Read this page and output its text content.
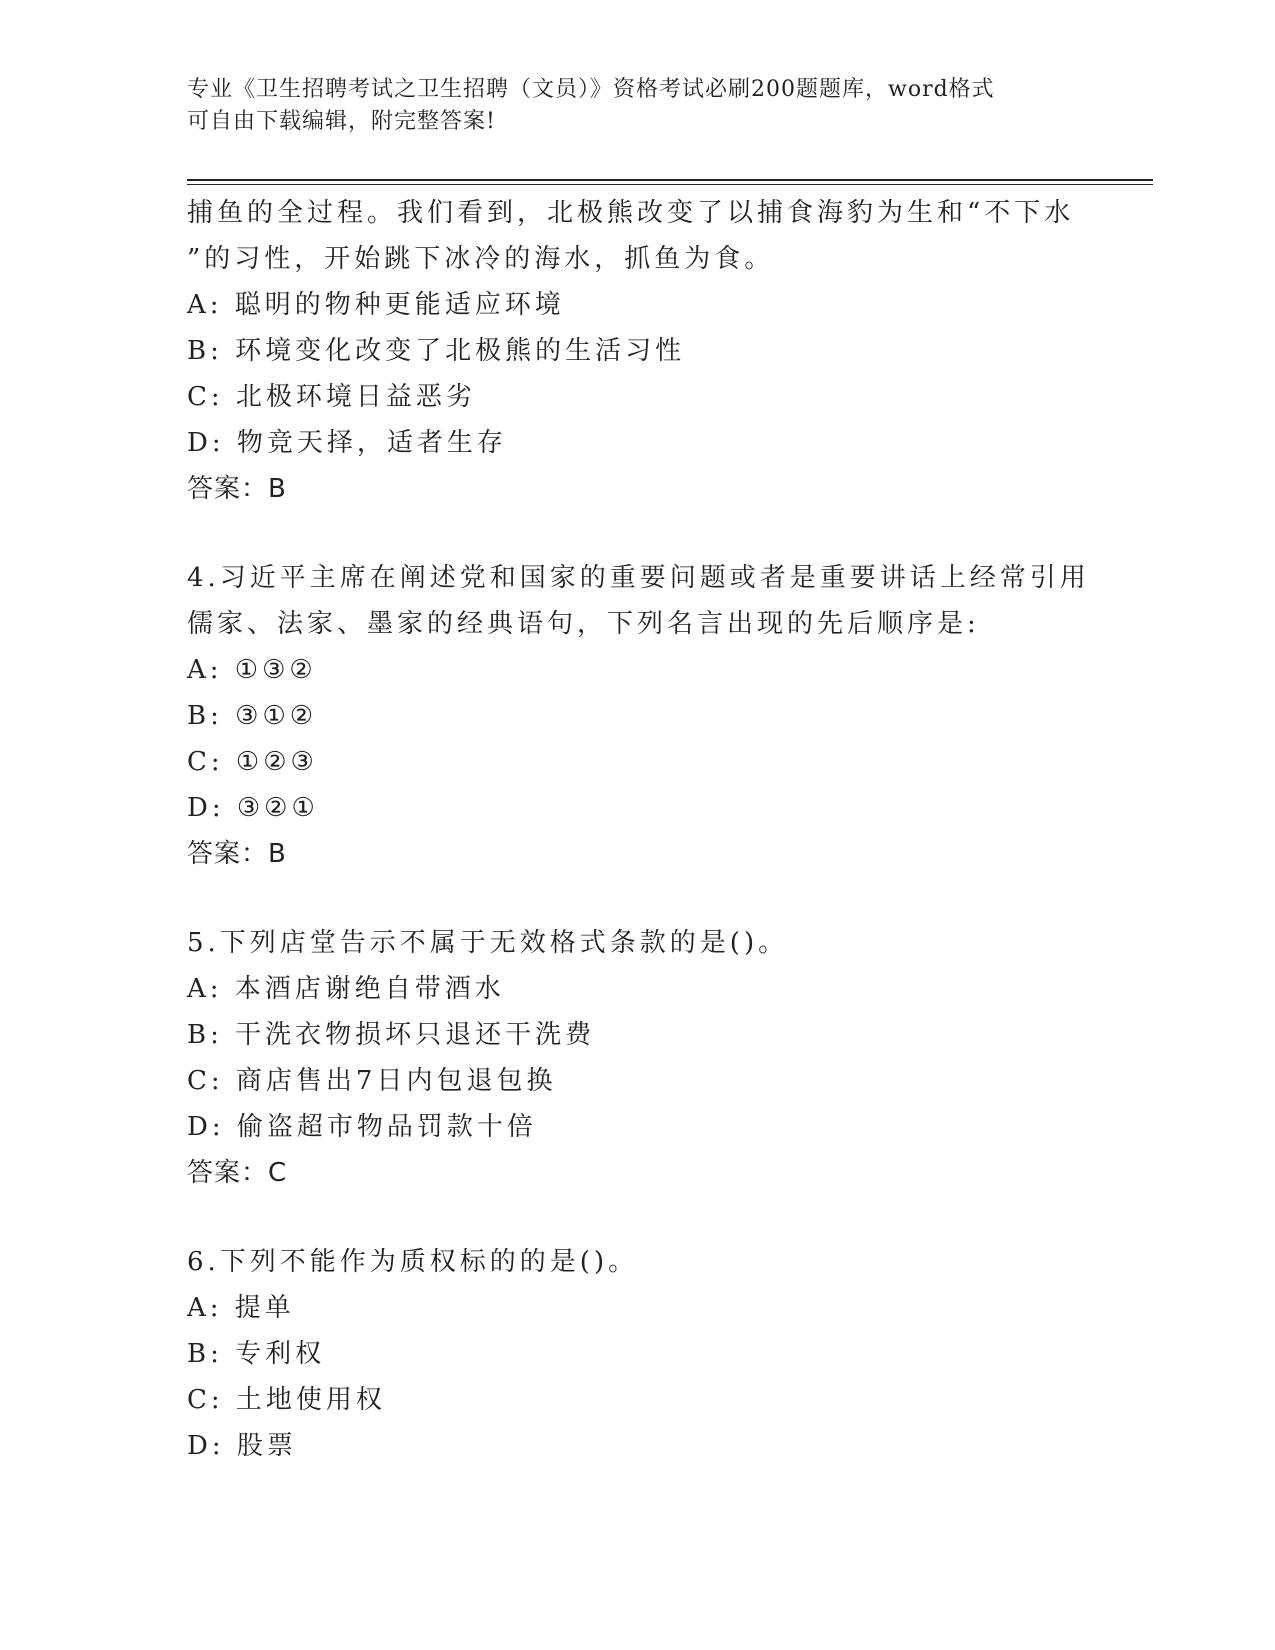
专业《卫生招聘考试之卫生招聘（文员）》资格考试必刷200题题库，word格式
可自由下载编辑，附完整答案!
捕鱼的全过程。我们看到，北极熊改变了以捕食海豹为生和“不下水
”的习性，开始跳下冰冷的海水，抓鱼为食。
A: 聪明的物种更能适应环境
B: 环境变化改变了北极熊的生活习性
C: 北极环境日益恶劣
D: 物竞天择，适者生存
答案：B
4.习近平主席在阐述党和国家的重要问题或者是重要讲话上经常引用
儒家、法家、墨家的经典语句，下列名言出现的先后顺序是:
A: ①③②
B: ③①②
C: ①②③
D: ③②①
答案：B
5.下列店堂告示不属于无效格式条款的是()。
A: 本酒店谢绝自带酒水
B: 干洗衣物损坏只退还干洗费
C: 商店售出7日内包退包换
D: 偷盗超市物品罚款十倍
答案：C
6.下列不能作为质权标的的是()。
A: 提单
B: 专利权
C: 土地使用权
D: 股票
